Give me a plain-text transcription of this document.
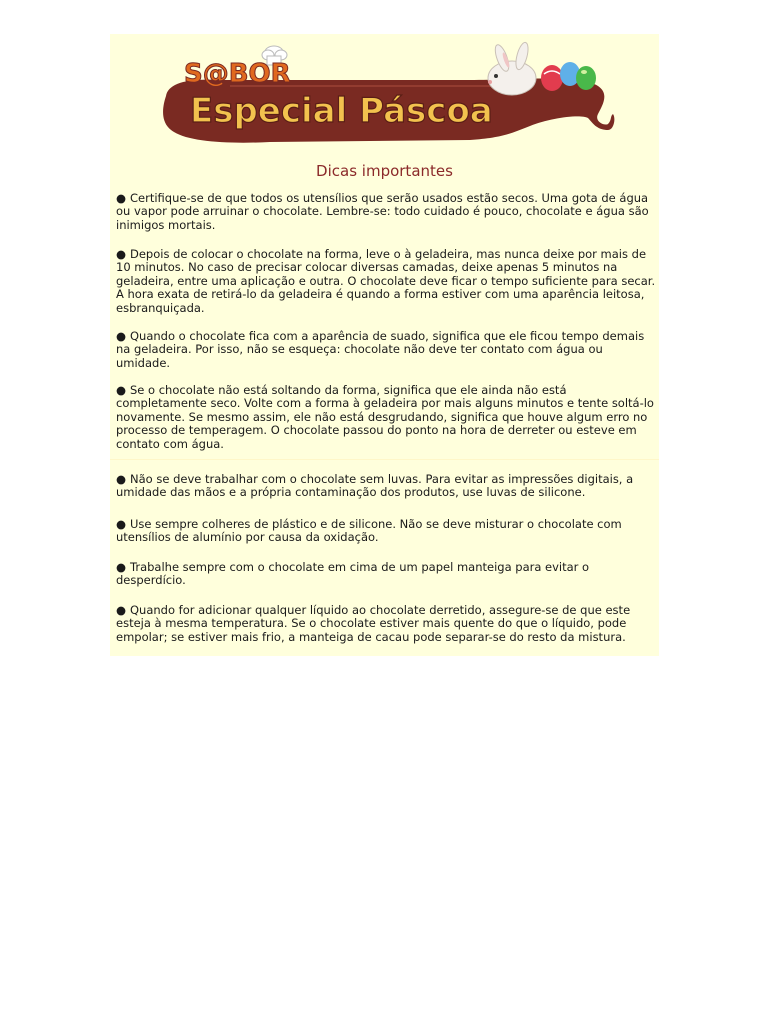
S@BOR
Especial Páscoa
Dicas importantes

● Certifique-se de que todos os utensílios que serão usados estão secos. Uma gota de água ou vapor pode arruinar o chocolate. Lembre-se: todo cuidado é pouco, chocolate e água são inimigos mortais.

● Depois de colocar o chocolate na forma, leve o à geladeira, mas nunca deixe por mais de 10 minutos. No caso de precisar colocar diversas camadas, deixe apenas 5 minutos na geladeira, entre uma aplicação e outra. O chocolate deve ficar o tempo suficiente para secar. A hora exata de retirá-lo da geladeira é quando a forma estiver com uma aparência leitosa, esbranquiçada.

● Quando o chocolate fica com a aparência de suado, significa que ele ficou tempo demais na geladeira. Por isso, não se esqueça: chocolate não deve ter contato com água ou umidade.

● Se o chocolate não está soltando da forma, significa que ele ainda não está completamente seco. Volte com a forma à geladeira por mais alguns minutos e tente soltá-lo novamente. Se mesmo assim, ele não está desgrudando, significa que houve algum erro no processo de temperagem. O chocolate passou do ponto na hora de derreter ou esteve em contato com água.

● Não se deve trabalhar com o chocolate sem luvas. Para evitar as impressões digitais, a umidade das mãos e a própria contaminação dos produtos, use luvas de silicone.

● Use sempre colheres de plástico e de silicone. Não se deve misturar o chocolate com utensílios de alumínio por causa da oxidação.

● Trabalhe sempre com o chocolate em cima de um papel manteiga para evitar o desperdício.

● Quando for adicionar qualquer líquido ao chocolate derretido, assegure-se de que este esteja à mesma temperatura. Se o chocolate estiver mais quente do que o líquido, pode empolar; se estiver mais frio, a manteiga de cacau pode separar-se do resto da mistura.
